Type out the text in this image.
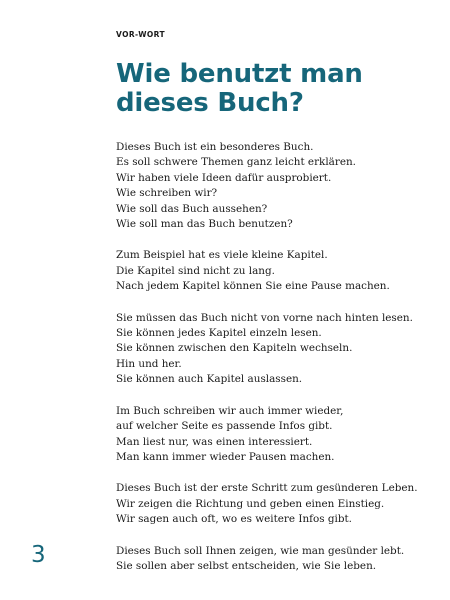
VOR-WORT

Wie benutzt man
dieses Buch?

Dieses Buch ist ein besonderes Buch.
Es soll schwere Themen ganz leicht erklären.
Wir haben viele Ideen dafür ausprobiert.
Wie schreiben wir?
Wie soll das Buch aussehen?
Wie soll man das Buch benutzen?

Zum Beispiel hat es viele kleine Kapitel.
Die Kapitel sind nicht zu lang.
Nach jedem Kapitel können Sie eine Pause machen.

Sie müssen das Buch nicht von vorne nach hinten lesen.
Sie können jedes Kapitel einzeln lesen.
Sie können zwischen den Kapiteln wechseln.
Hin und her.
Sie können auch Kapitel auslassen.

Im Buch schreiben wir auch immer wieder,
auf welcher Seite es passende Infos gibt.
Man liest nur, was einen interessiert.
Man kann immer wieder Pausen machen.

Dieses Buch ist der erste Schritt zum gesünderen Leben.
Wir zeigen die Richtung und geben einen Einstieg.
Wir sagen auch oft, wo es weitere Infos gibt.

Dieses Buch soll Ihnen zeigen, wie man gesünder lebt.
Sie sollen aber selbst entscheiden, wie Sie leben.

3
